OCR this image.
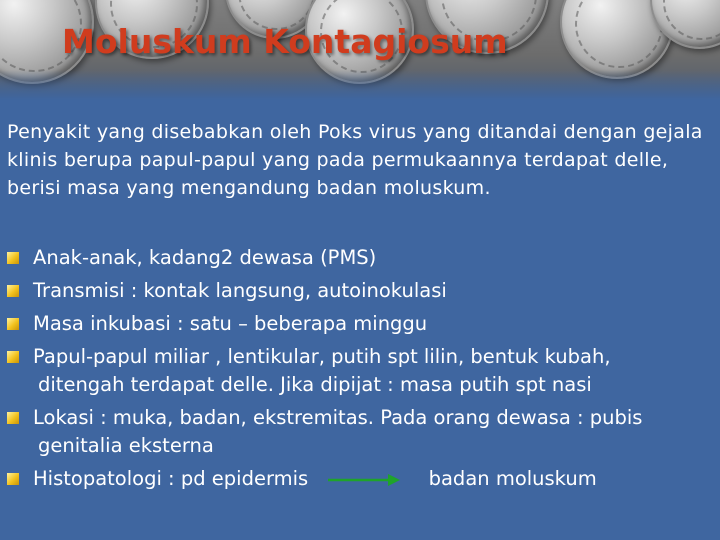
Moluskum Kontagiosum

Penyakit yang disebabkan oleh Poks virus yang ditandai dengan gejala klinis berupa papul-papul yang pada permukaannya terdapat delle, berisi masa yang mengandung badan moluskum.

Anak-anak, kadang2 dewasa (PMS)
Transmisi : kontak langsung, autoinokulasi
Masa inkubasi : satu – beberapa minggu
Papul-papul miliar , lentikular, putih spt lilin, bentuk kubah,
ditengah terdapat delle. Jika dipijat : masa putih spt nasi
Lokasi : muka, badan, ekstremitas. Pada orang dewasa : pubis
genitalia eksterna
Histopatologi : pd epidermis	badan moluskum
